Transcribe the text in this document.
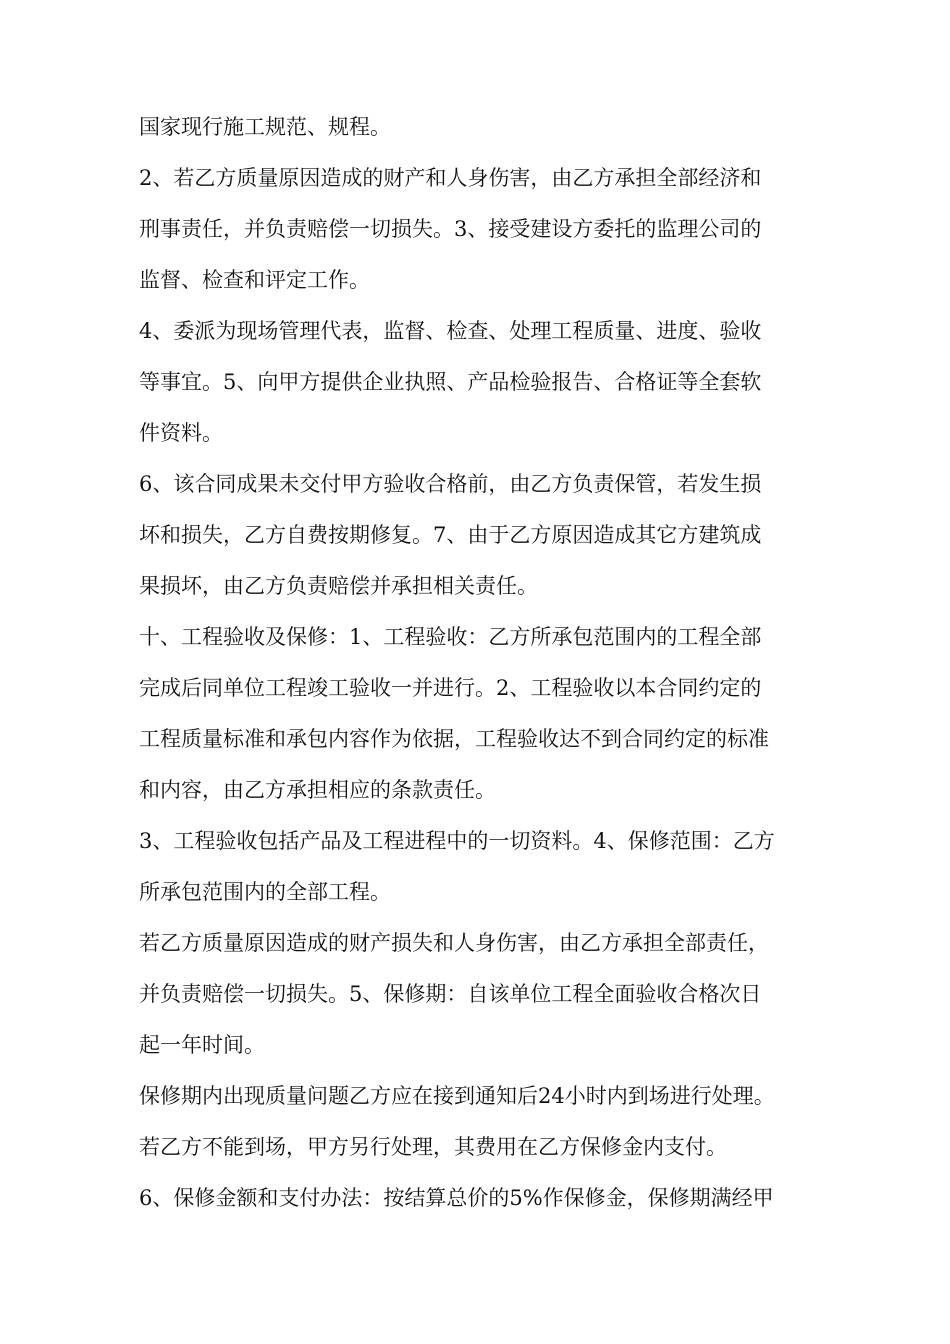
国家现行施工规范、规程。
2、若乙方质量原因造成的财产和人身伤害，由乙方承担全部经济和
刑事责任，并负责赔偿一切损失。3、接受建设方委托的监理公司的
监督、检查和评定工作。
4、委派为现场管理代表，监督、检查、处理工程质量、进度、验收
等事宜。5、向甲方提供企业执照、产品检验报告、合格证等全套软
件资料。
6、该合同成果未交付甲方验收合格前，由乙方负责保管，若发生损
坏和损失，乙方自费按期修复。7、由于乙方原因造成其它方建筑成
果损坏，由乙方负责赔偿并承担相关责任。
十、工程验收及保修：1、工程验收：乙方所承包范围内的工程全部
完成后同单位工程竣工验收一并进行。2、工程验收以本合同约定的
工程质量标准和承包内容作为依据，工程验收达不到合同约定的标准
和内容，由乙方承担相应的条款责任。
3、工程验收包括产品及工程进程中的一切资料。4、保修范围：乙方
所承包范围内的全部工程。
若乙方质量原因造成的财产损失和人身伤害，由乙方承担全部责任，
并负责赔偿一切损失。5、保修期：自该单位工程全面验收合格次日
起一年时间。
保修期内出现质量问题乙方应在接到通知后24小时内到场进行处理。
若乙方不能到场，甲方另行处理，其费用在乙方保修金内支付。
6、保修金额和支付办法：按结算总价的5%作保修金，保修期满经甲
